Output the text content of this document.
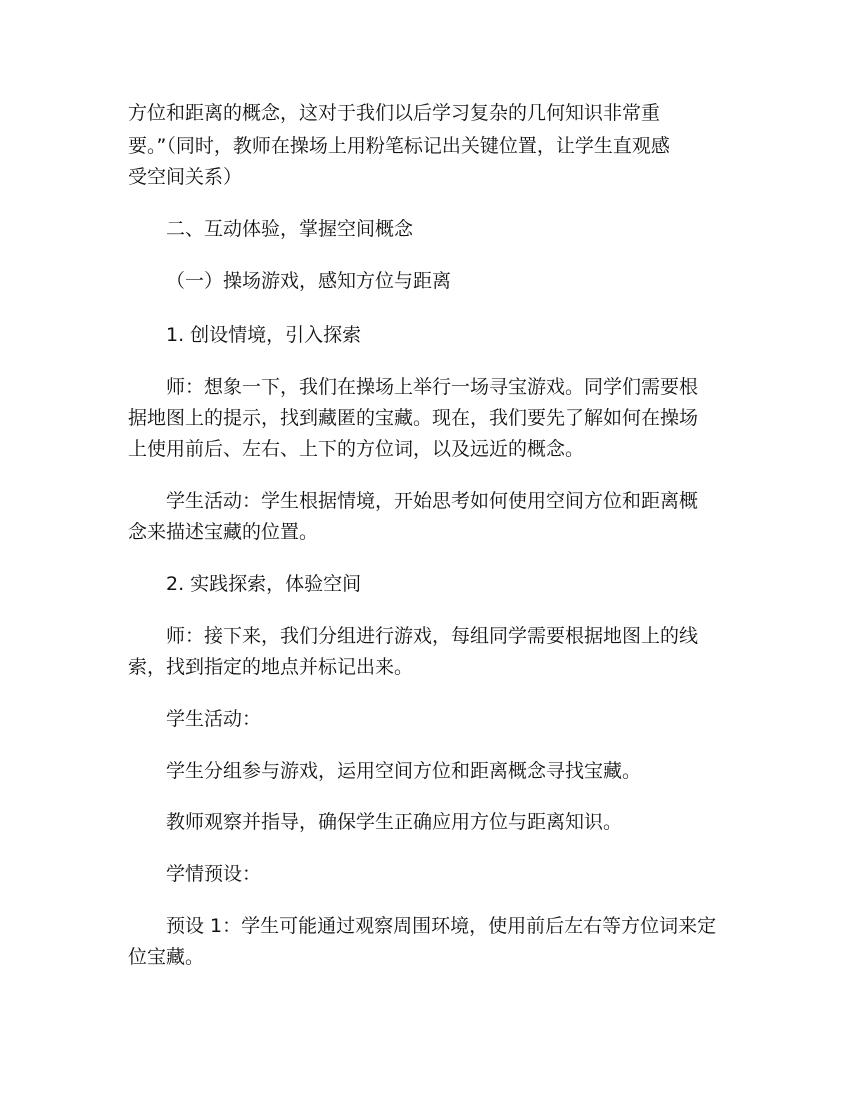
方位和距离的概念，这对于我们以后学习复杂的几何知识非常重
要。”（同时，教师在操场上用粉笔标记出关键位置，让学生直观感
受空间关系）
二、互动体验，掌握空间概念
（一）操场游戏，感知方位与距离
1. 创设情境，引入探索
师：想象一下，我们在操场上举行一场寻宝游戏。同学们需要根
据地图上的提示，找到藏匿的宝藏。现在，我们要先了解如何在操场
上使用前后、左右、上下的方位词，以及远近的概念。
学生活动：学生根据情境，开始思考如何使用空间方位和距离概
念来描述宝藏的位置。
2. 实践探索，体验空间
师：接下来，我们分组进行游戏，每组同学需要根据地图上的线
索，找到指定的地点并标记出来。
学生活动：
学生分组参与游戏，运用空间方位和距离概念寻找宝藏。
教师观察并指导，确保学生正确应用方位与距离知识。
学情预设：
预设 1：学生可能通过观察周围环境，使用前后左右等方位词来定
位宝藏。
